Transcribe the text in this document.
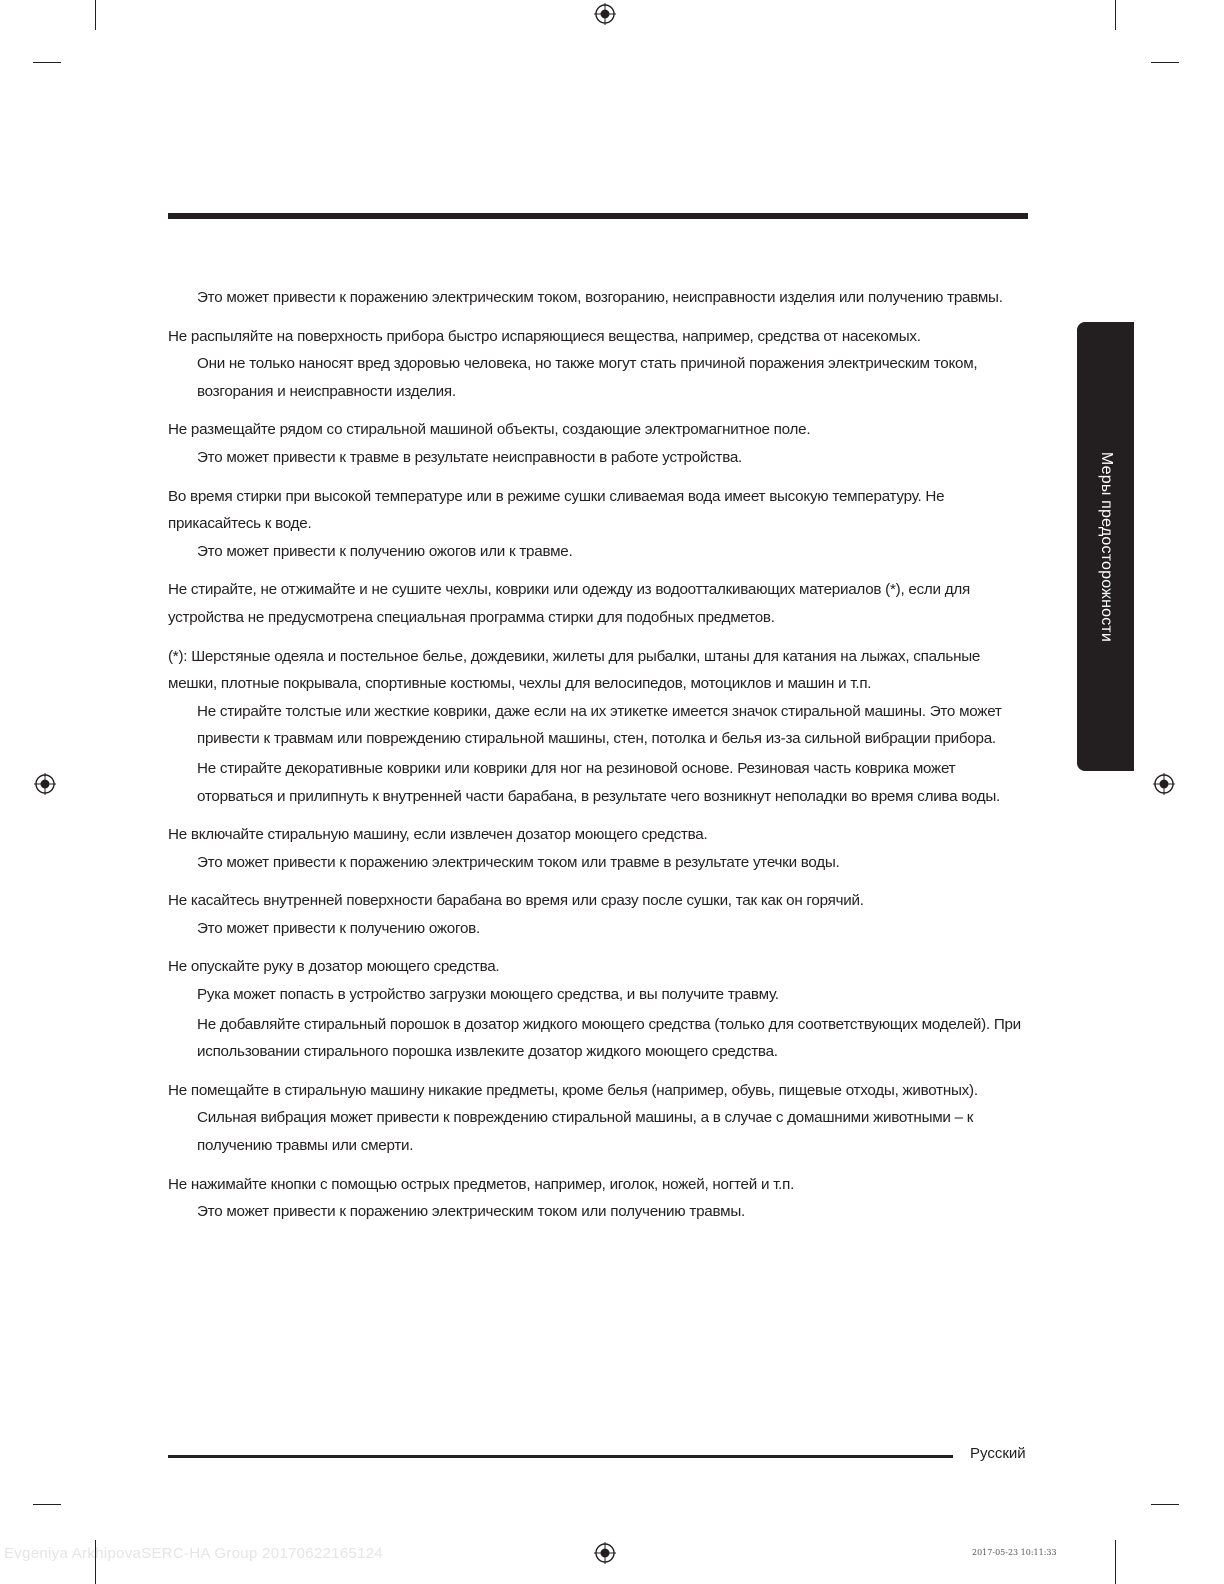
Меры предосторожности

Это может привести к поражению электрическим током, возгоранию, неисправности изделия или получению травмы.

Не распыляйте на поверхность прибора быстро испаряющиеся вещества, например, средства от насекомых.

Они не только наносят вред здоровью человека, но также могут стать причиной поражения электрическим током, возгорания и неисправности изделия.

Не размещайте рядом со стиральной машиной объекты, создающие электромагнитное поле.

Это может привести к травме в результате неисправности в работе устройства.

Во время стирки при высокой температуре или в режиме сушки сливаемая вода имеет высокую температуру. Не прикасайтесь к воде.

Это может привести к получению ожогов или к травме.

Не стирайте, не отжимайте и не сушите чехлы, коврики или одежду из водоотталкивающих материалов (*), если для устройства не предусмотрена специальная программа стирки для подобных предметов.

(*): Шерстяные одеяла и постельное белье, дождевики, жилеты для рыбалки, штаны для катания на лыжах, спальные мешки, плотные покрывала, спортивные костюмы, чехлы для велосипедов, мотоциклов и машин и т.п.

Не стирайте толстые или жесткие коврики, даже если на их этикетке имеется значок стиральной машины. Это может привести к травмам или повреждению стиральной машины, стен, потолка и белья из-за сильной вибрации прибора.

Не стирайте декоративные коврики или коврики для ног на резиновой основе. Резиновая часть коврика может оторваться и прилипнуть к внутренней части барабана, в результате чего возникнут неполадки во время слива воды.

Не включайте стиральную машину, если извлечен дозатор моющего средства.

Это может привести к поражению электрическим током или травме в результате утечки воды.

Не касайтесь внутренней поверхности барабана во время или сразу после сушки, так как он горячий.

Это может привести к получению ожогов.

Не опускайте руку в дозатор моющего средства.

Рука может попасть в устройство загрузки моющего средства, и вы получите травму.

Не добавляйте стиральный порошок в дозатор жидкого моющего средства (только для соответствующих моделей). При использовании стирального порошка извлеките дозатор жидкого моющего средства.

Не помещайте в стиральную машину никакие предметы, кроме белья (например, обувь, пищевые отходы, животных).

Сильная вибрация может привести к повреждению стиральной машины, а в случае с домашними животными – к получению травмы или смерти.

Не нажимайте кнопки с помощью острых предметов, например, иголок, ножей, ногтей и т.п.

Это может привести к поражению электрическим током или получению травмы.

Русский
Evgeniya ArkhipovaSERC-HA Group 20170622165124	2017-05-23 10:11:33
